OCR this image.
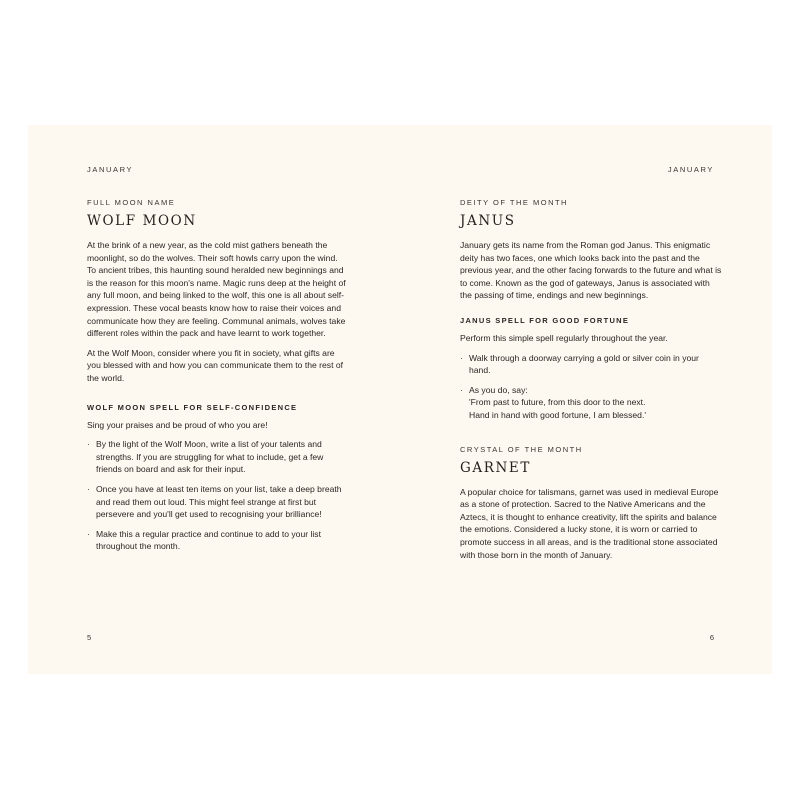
JANUARY
FULL MOON NAME
WOLF MOON

At the brink of a new year, as the cold mist gathers beneath the moonlight, so do the wolves. Their soft howls carry upon the wind. To ancient tribes, this haunting sound heralded new beginnings and is the reason for this moon's name. Magic runs deep at the height of any full moon, and being linked to the wolf, this one is all about self-expression. These vocal beasts know how to raise their voices and communicate how they are feeling. Communal animals, wolves take different roles within the pack and have learnt to work together.

At the Wolf Moon, consider where you fit in society, what gifts are you blessed with and how you can communicate them to the rest of the world.

WOLF MOON SPELL FOR SELF-CONFIDENCE

Sing your praises and be proud of who you are!

· By the light of the Wolf Moon, write a list of your talents and strengths. If you are struggling for what to include, get a few friends on board and ask for their input.
· Once you have at least ten items on your list, take a deep breath and read them out loud. This might feel strange at first but persevere and you'll get used to recognising your brilliance!
· Make this a regular practice and continue to add to your list throughout the month.
5
JANUARY
DEITY OF THE MONTH
JANUS

January gets its name from the Roman god Janus. This enigmatic deity has two faces, one which looks back into the past and the previous year, and the other facing forwards to the future and what is to come. Known as the god of gateways, Janus is associated with the passing of time, endings and new beginnings.

JANUS SPELL FOR GOOD FORTUNE

Perform this simple spell regularly throughout the year.

· Walk through a doorway carrying a gold or silver coin in your hand.
· As you do, say:
'From past to future, from this door to the next.
Hand in hand with good fortune, I am blessed.'
CRYSTAL OF THE MONTH
GARNET

A popular choice for talismans, garnet was used in medieval Europe as a stone of protection. Sacred to the Native Americans and the Aztecs, it is thought to enhance creativity, lift the spirits and balance the emotions. Considered a lucky stone, it is worn or carried to promote success in all areas, and is the traditional stone associated with those born in the month of January.

6
